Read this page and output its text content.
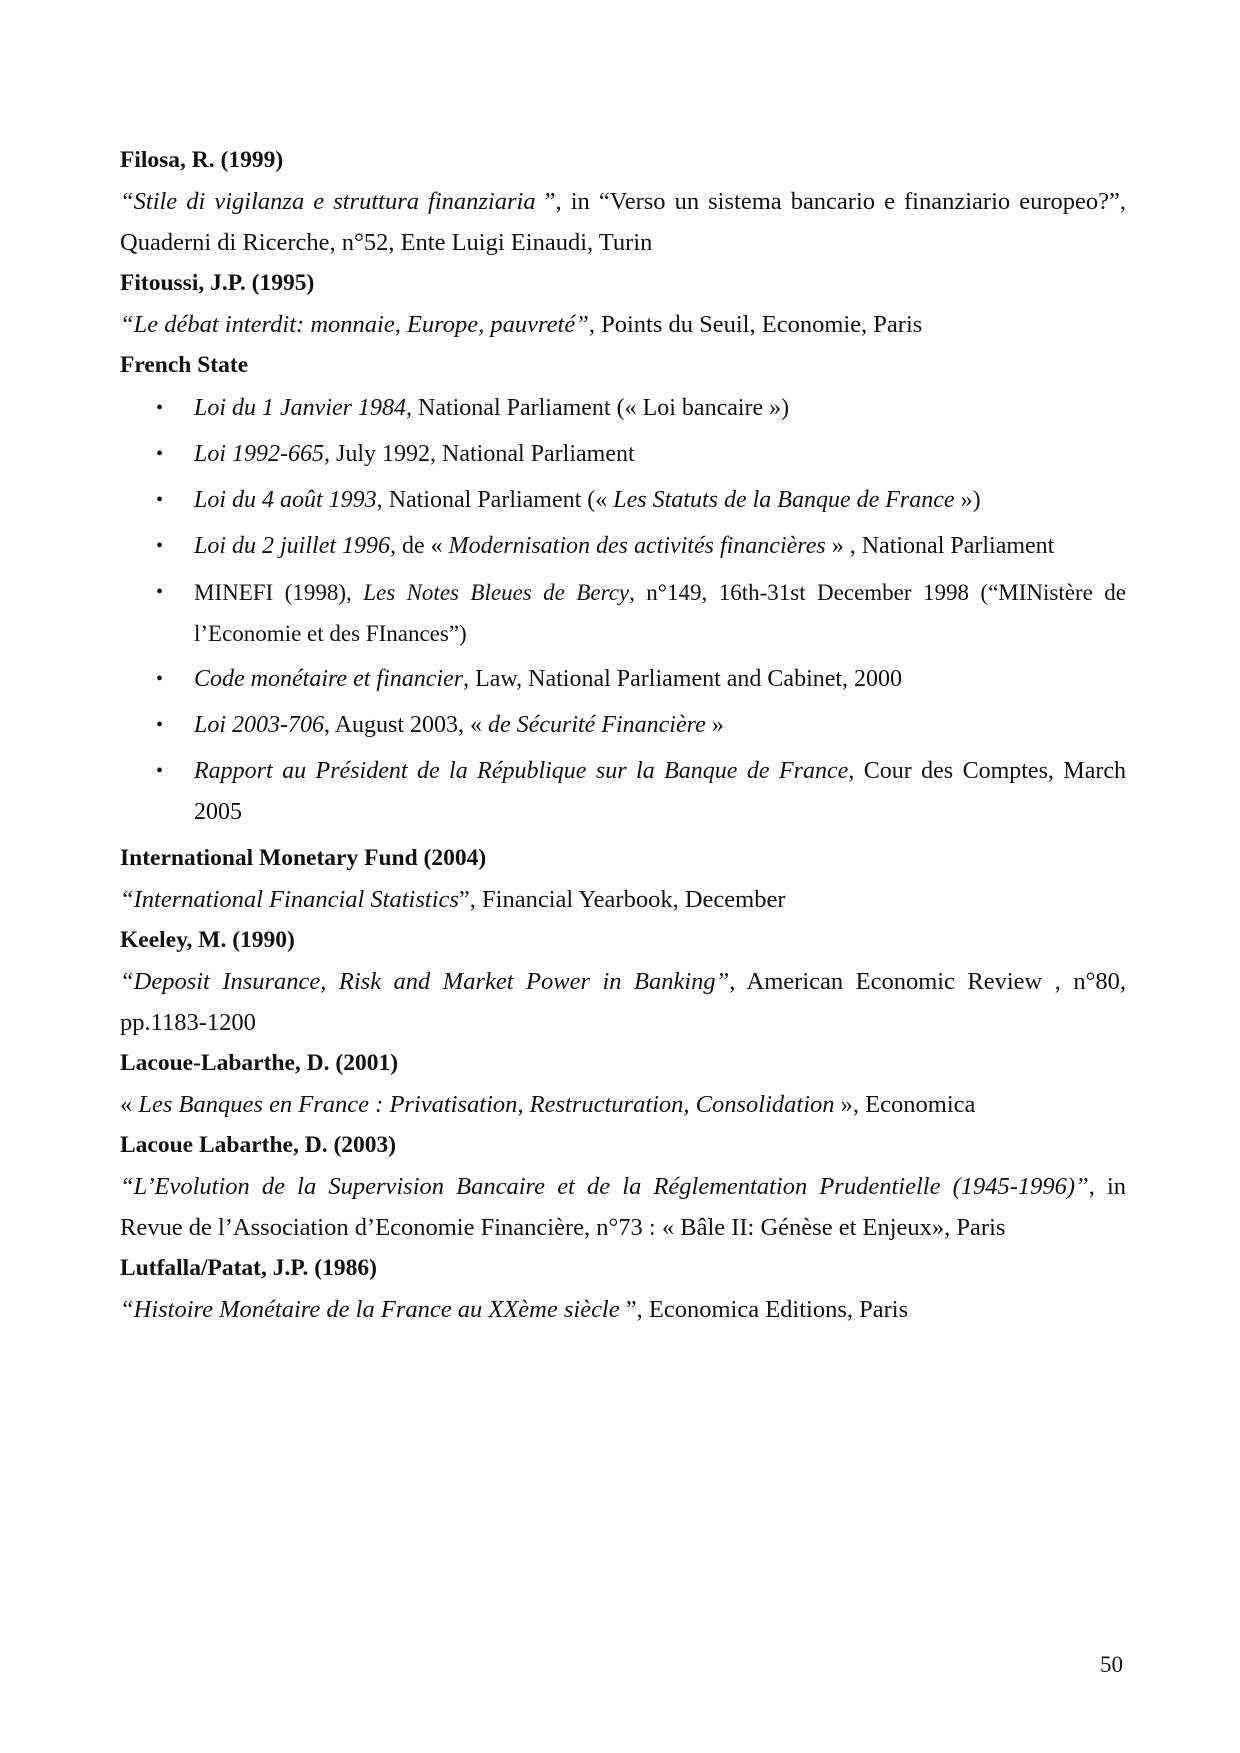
Filosa, R. (1999)

“Stile di vigilanza e struttura finanziaria ”, in “Verso un sistema bancario e finanziario europeo?”, Quaderni di Ricerche, n°52, Ente Luigi Einaudi, Turin

Fitoussi, J.P. (1995)

“Le débat interdit: monnaie, Europe, pauvreté”, Points du Seuil, Economie, Paris

French State

• Loi du 1 Janvier 1984, National Parliament (« Loi bancaire »)
• Loi 1992-665, July 1992, National Parliament
• Loi du 4 août 1993, National Parliament (« Les Statuts de la Banque de France »)
• Loi du 2 juillet 1996, de « Modernisation des activités financières » , National Parliament
• MINEFI (1998), Les Notes Bleues de Bercy, n°149, 16th-31st December 1998 (“MINistère de l’Economie et des FInances”)
• Code monétaire et financier, Law, National Parliament and Cabinet, 2000
• Loi 2003-706, August 2003, « de Sécurité Financière »
• Rapport au Président de la République sur la Banque de France, Cour des Comptes, March 2005

International Monetary Fund (2004)

“International Financial Statistics”, Financial Yearbook, December

Keeley, M. (1990)

“Deposit Insurance, Risk and Market Power in Banking”, American Economic Review , n°80, pp.1183-1200

Lacoue-Labarthe, D. (2001)

« Les Banques en France : Privatisation, Restructuration, Consolidation », Economica

Lacoue Labarthe, D. (2003)

“L’Evolution de la Supervision Bancaire et de la Réglementation Prudentielle (1945-1996)”, in Revue de l’Association d’Economie Financière, n°73 : « Bâle II: Génèse et Enjeux», Paris

Lutfalla/Patat, J.P. (1986)

“Histoire Monétaire de la France au XXème siècle ”, Economica Editions, Paris

50
